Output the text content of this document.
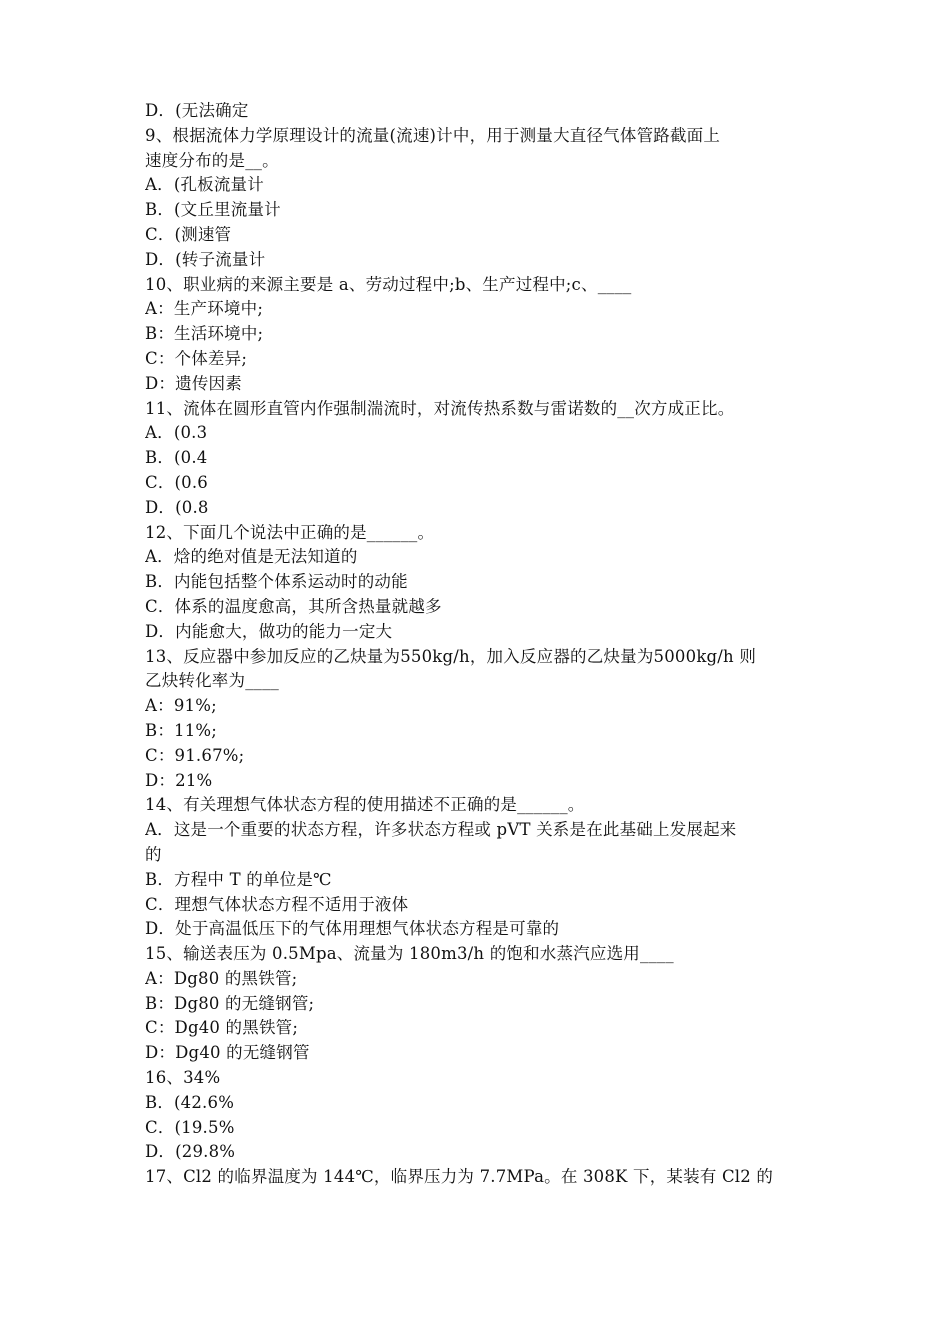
D．(无法确定
9、根据流体力学原理设计的流量(流速)计中，用于测量大直径气体管路截面上
速度分布的是__。
A．(孔板流量计
B．(文丘里流量计
C．(测速管
D．(转子流量计
10、职业病的来源主要是 a、劳动过程中;b、生产过程中;c、____
A：生产环境中;
B：生活环境中;
C：个体差异;
D：遗传因素
11、流体在圆形直管内作强制湍流时，对流传热系数与雷诺数的__次方成正比。
A．(0.3
B．(0.4
C．(0.6
D．(0.8
12、下面几个说法中正确的是______。
A．焓的绝对值是无法知道的
B．内能包括整个体系运动时的动能
C．体系的温度愈高，其所含热量就越多
D．内能愈大，做功的能力一定大
13、反应器中参加反应的乙炔量为550kg/h，加入反应器的乙炔量为5000kg/h 则
乙炔转化率为____
A：91%;
B：11%;
C：91.67%;
D：21%
14、有关理想气体状态方程的使用描述不正确的是______。
A．这是一个重要的状态方程，许多状态方程或 pVT 关系是在此基础上发展起来
的
B．方程中 T 的单位是℃
C．理想气体状态方程不适用于液体
D．处于高温低压下的气体用理想气体状态方程是可靠的
15、输送表压为 0.5Mpa、流量为 180m3/h 的饱和水蒸汽应选用____
A：Dg80 的黑铁管;
B：Dg80 的无缝钢管;
C：Dg40 的黑铁管;
D：Dg40 的无缝钢管
16、34%
B．(42.6%
C．(19.5%
D．(29.8%
17、Cl2 的临界温度为 144℃，临界压力为 7.7MPa。在 308K 下，某装有 Cl2 的
